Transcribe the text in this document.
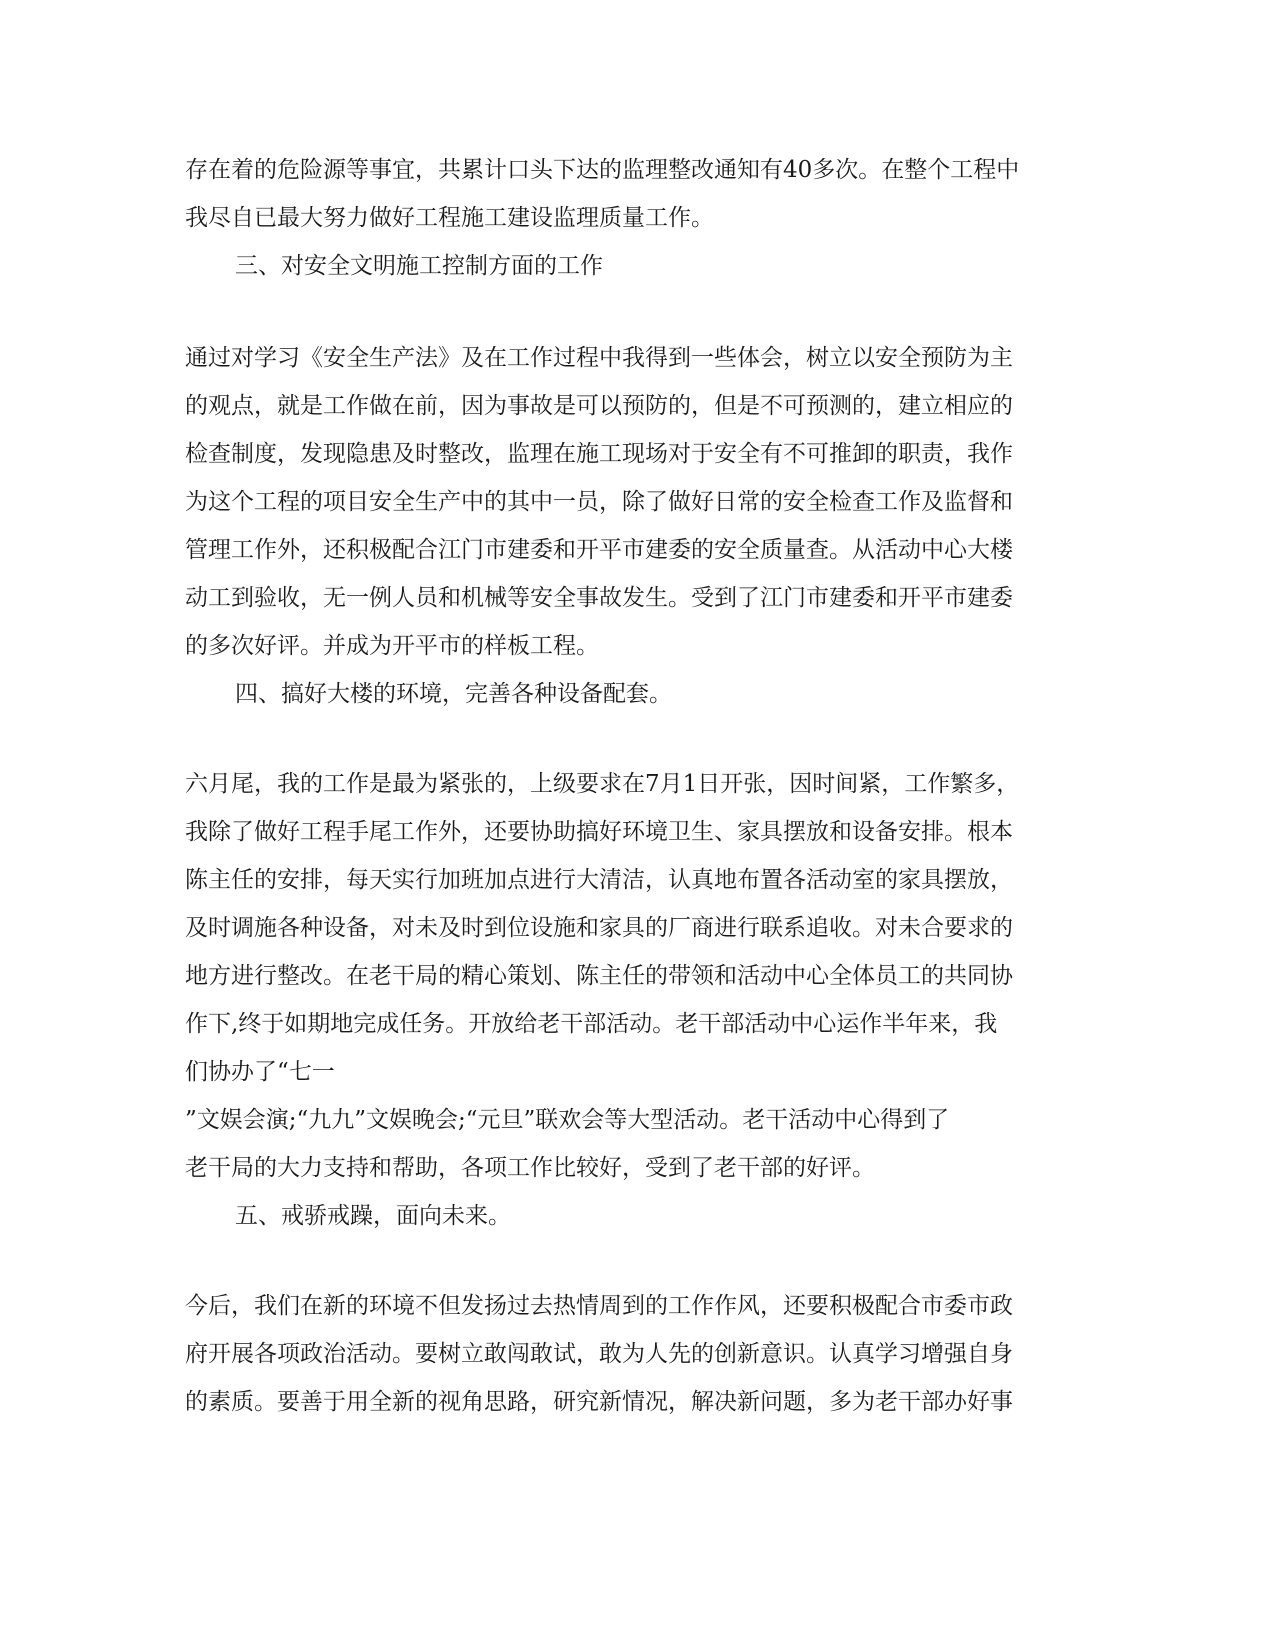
存在着的危险源等事宜，共累计口头下达的监理整改通知有40多次。在整个工程中
我尽自已最大努力做好工程施工建设监理质量工作。
三、对安全文明施工控制方面的工作
通过对学习《安全生产法》及在工作过程中我得到一些体会，树立以安全预防为主
的观点，就是工作做在前，因为事故是可以预防的，但是不可预测的，建立相应的
检查制度，发现隐患及时整改，监理在施工现场对于安全有不可推卸的职责，我作
为这个工程的项目安全生产中的其中一员，除了做好日常的安全检查工作及监督和
管理工作外，还积极配合江门市建委和开平市建委的安全质量查。从活动中心大楼
动工到验收，无一例人员和机械等安全事故发生。受到了江门市建委和开平市建委
的多次好评。并成为开平市的样板工程。
四、搞好大楼的环境，完善各种设备配套。
六月尾，我的工作是最为紧张的，上级要求在7月1日开张，因时间紧，工作繁多，
我除了做好工程手尾工作外，还要协助搞好环境卫生、家具摆放和设备安排。根本
陈主任的安排，每天实行加班加点进行大清洁，认真地布置各活动室的家具摆放，
及时调施各种设备，对未及时到位设施和家具的厂商进行联系追收。对未合要求的
地方进行整改。在老干局的精心策划、陈主任的带领和活动中心全体员工的共同协
作下,终于如期地完成任务。开放给老干部活动。老干部活动中心运作半年来，我
们协办了“七一
”文娱会演;“九九”文娱晚会;“元旦”联欢会等大型活动。老干活动中心得到了
老干局的大力支持和帮助，各项工作比较好，受到了老干部的好评。
五、戒骄戒躁，面向未来。
今后，我们在新的环境不但发扬过去热情周到的工作作风，还要积极配合市委市政
府开展各项政治活动。要树立敢闯敢试，敢为人先的创新意识。认真学习增强自身
的素质。要善于用全新的视角思路，研究新情况，解决新问题，多为老干部办好事
